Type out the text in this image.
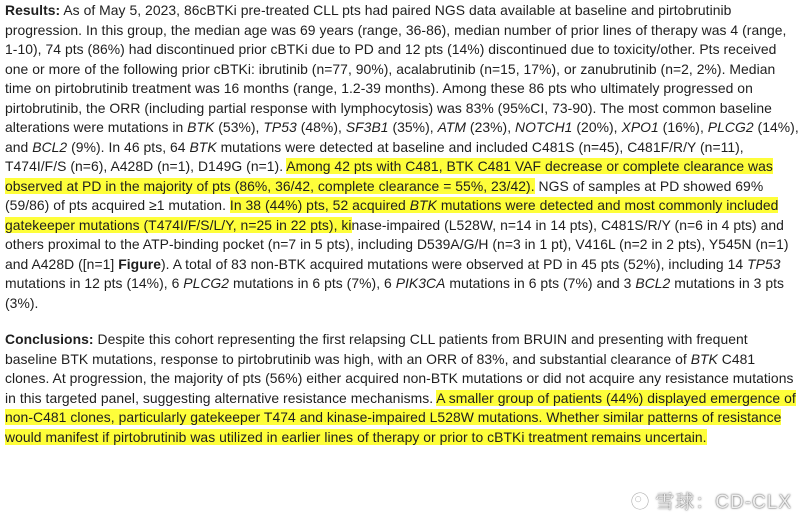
Results: As of May 5, 2023, 86cBTKi pre-treated CLL pts had paired NGS data available at baseline and pirtobrutinib progression. In this group, the median age was 69 years (range, 36-86), median number of prior lines of therapy was 4 (range, 1-10), 74 pts (86%) had discontinued prior cBTKi due to PD and 12 pts (14%) discontinued due to toxicity/other. Pts received one or more of the following prior cBTKi: ibrutinib (n=77, 90%), acalabrutinib (n=15, 17%), or zanubrutinib (n=2, 2%). Median time on pirtobrutinib treatment was 16 months (range, 1.2-39 months). Among these 86 pts who ultimately progressed on pirtobrutinib, the ORR (including partial response with lymphocytosis) was 83% (95%CI, 73-90). The most common baseline alterations were mutations in BTK (53%), TP53 (48%), SF3B1 (35%), ATM (23%), NOTCH1 (20%), XPO1 (16%), PLCG2 (14%), and BCL2 (9%). In 46 pts, 64 BTK mutations were detected at baseline and included C481S (n=45), C481F/R/Y (n=11), T474I/F/S (n=6), A428D (n=1), D149G (n=1). Among 42 pts with C481, BTK C481 VAF decrease or complete clearance was observed at PD in the majority of pts (86%, 36/42, complete clearance = 55%, 23/42). NGS of samples at PD showed 69% (59/86) of pts acquired ≥1 mutation. In 38 (44%) pts, 52 acquired BTK mutations were detected and most commonly included gatekeeper mutations (T474I/F/S/L/Y, n=25 in 22 pts), kinase-impaired (L528W, n=14 in 14 pts), C481S/R/Y (n=6 in 4 pts) and others proximal to the ATP-binding pocket (n=7 in 5 pts), including D539A/G/H (n=3 in 1 pt), V416L (n=2 in 2 pts), Y545N (n=1) and A428D ([n=1] Figure). A total of 83 non-BTK acquired mutations were observed at PD in 45 pts (52%), including 14 TP53 mutations in 12 pts (14%), 6 PLCG2 mutations in 6 pts (7%), 6 PIK3CA mutations in 6 pts (7%) and 3 BCL2 mutations in 3 pts (3%).

Conclusions: Despite this cohort representing the first relapsing CLL patients from BRUIN and presenting with frequent baseline BTK mutations, response to pirtobrutinib was high, with an ORR of 83%, and substantial clearance of BTK C481 clones. At progression, the majority of pts (56%) either acquired non-BTK mutations or did not acquire any resistance mutations in this targeted panel, suggesting alternative resistance mechanisms. A smaller group of patients (44%) displayed emergence of non-C481 clones, particularly gatekeeper T474 and kinase-impaired L528W mutations. Whether similar patterns of resistance would manifest if pirtobrutinib was utilized in earlier lines of therapy or prior to cBTKi treatment remains uncertain.

雪球：CD-CLX
